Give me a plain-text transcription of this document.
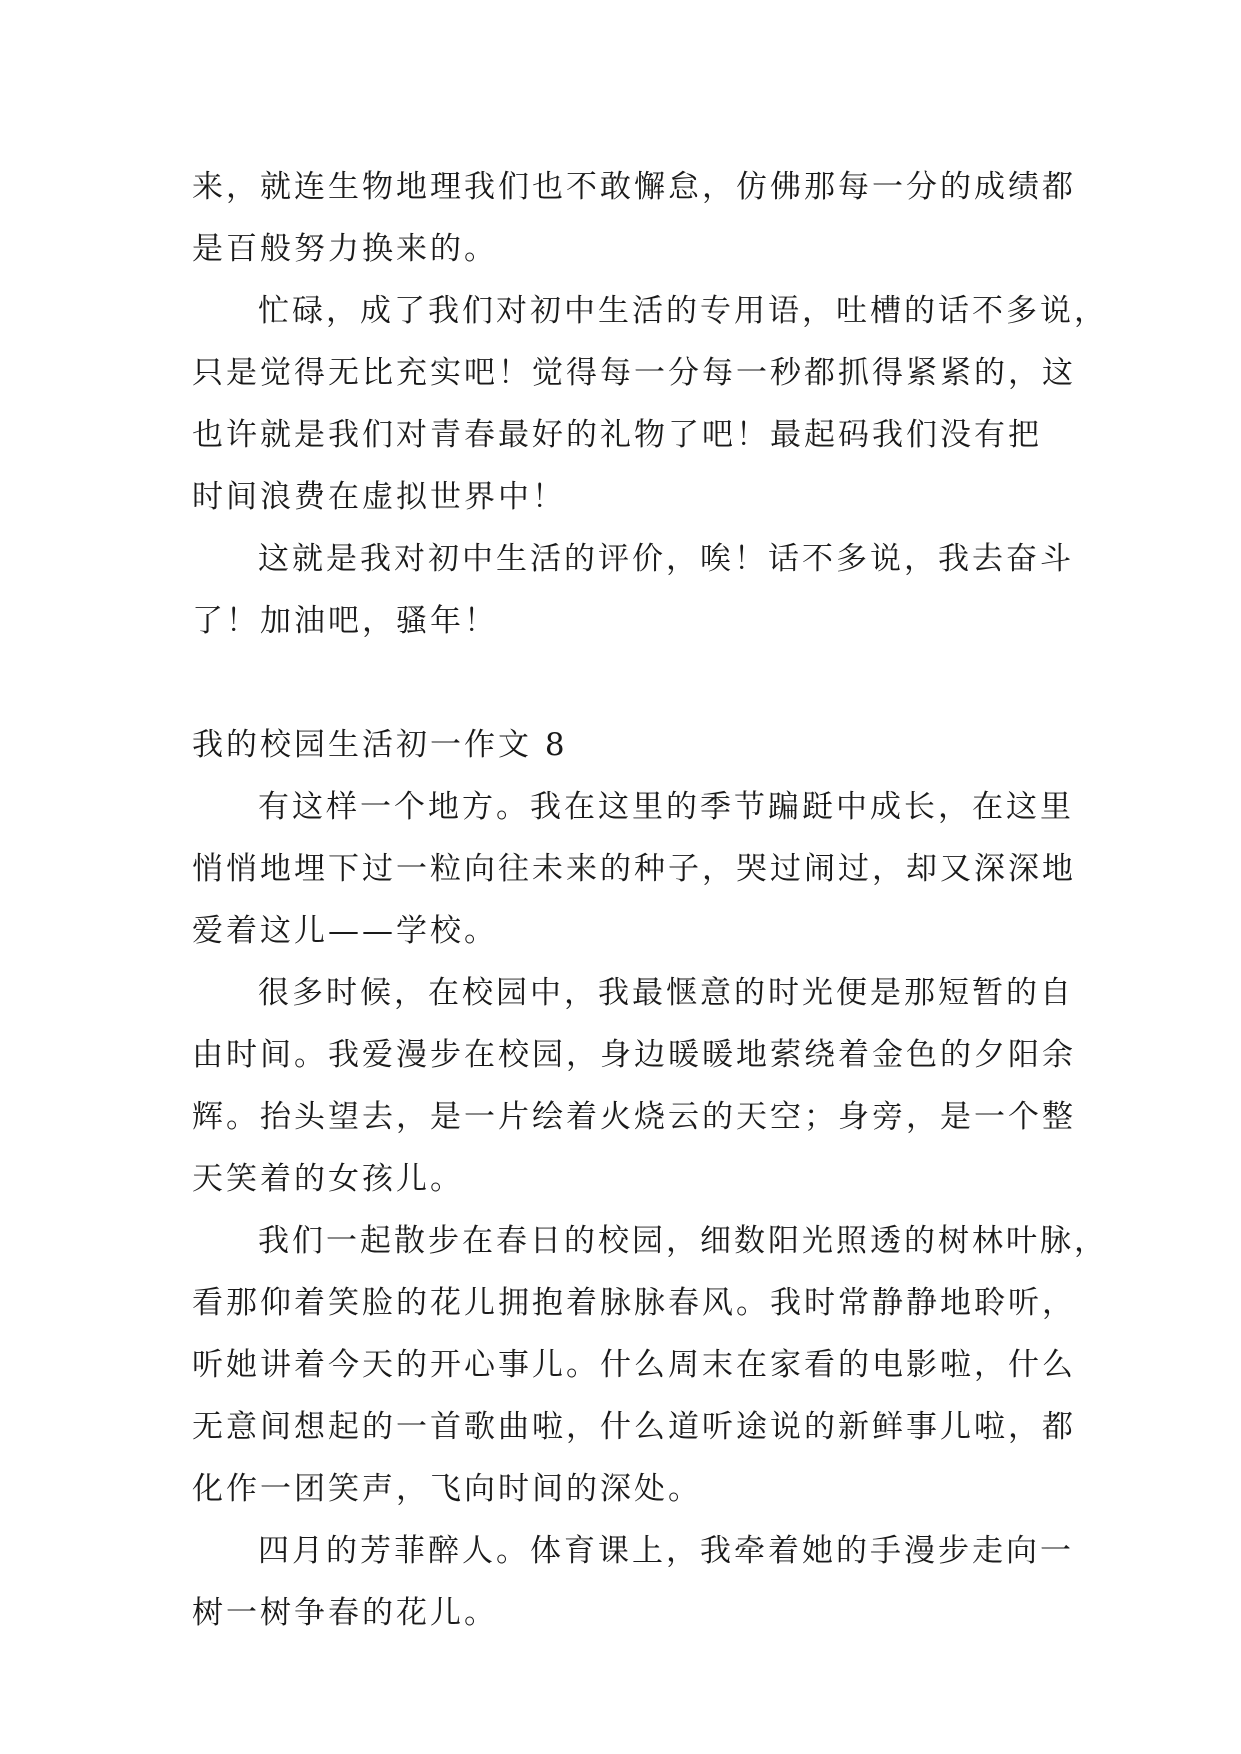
来，就连生物地理我们也不敢懈怠，仿佛那每一分的成绩都
是百般努力换来的。
忙碌，成了我们对初中生活的专用语，吐槽的话不多说，
只是觉得无比充实吧！觉得每一分每一秒都抓得紧紧的，这
也许就是我们对青春最好的礼物了吧！最起码我们没有把
时间浪费在虚拟世界中！
这就是我对初中生活的评价，唉！话不多说，我去奋斗
了！加油吧，骚年！
我的校园生活初一作文 8
有这样一个地方。我在这里的季节蹁跹中成长，在这里
悄悄地埋下过一粒向往未来的种子，哭过闹过，却又深深地
爱着这儿——学校。
很多时候，在校园中，我最惬意的时光便是那短暂的自
由时间。我爱漫步在校园，身边暖暖地萦绕着金色的夕阳余
辉。抬头望去，是一片绘着火烧云的天空；身旁，是一个整
天笑着的女孩儿。
我们一起散步在春日的校园，细数阳光照透的树林叶脉，
看那仰着笑脸的花儿拥抱着脉脉春风。我时常静静地聆听，
听她讲着今天的开心事儿。什么周末在家看的电影啦，什么
无意间想起的一首歌曲啦，什么道听途说的新鲜事儿啦，都
化作一团笑声，飞向时间的深处。
四月的芳菲醉人。体育课上，我牵着她的手漫步走向一
树一树争春的花儿。
